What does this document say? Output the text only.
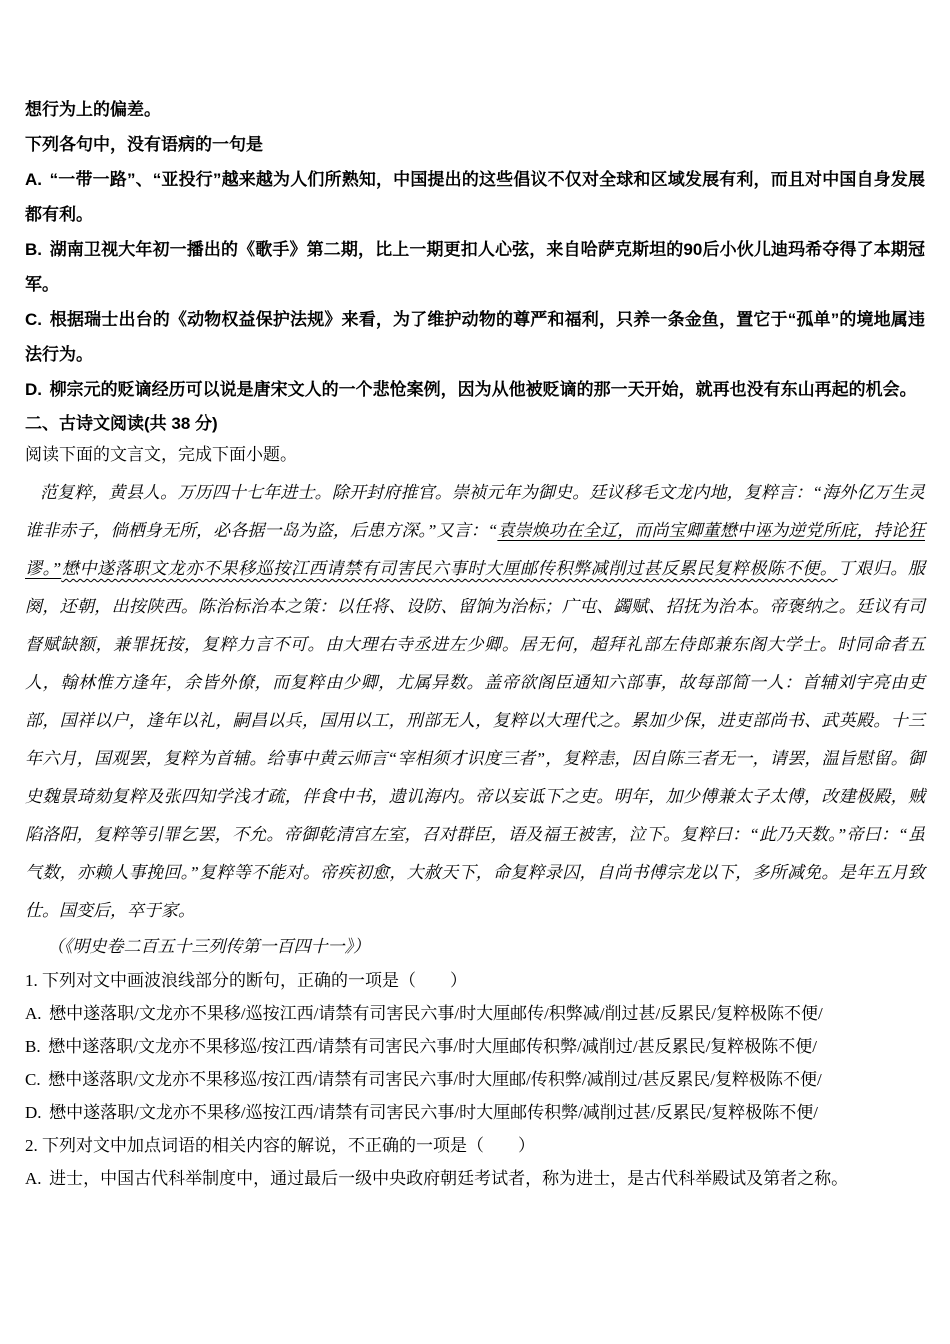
想行为上的偏差。

下列各句中，没有语病的一句是

A. “一带一路”、“亚投行”越来越为人们所熟知，中国提出的这些倡议不仅对全球和区域发展有利，而且对中国自身发展都有利。

B. 湖南卫视大年初一播出的《歌手》第二期，比上一期更扣人心弦，来自哈萨克斯坦的90后小伙儿迪玛希夺得了本期冠军。

C. 根据瑞士出台的《动物权益保护法规》来看，为了维护动物的尊严和福利，只养一条金鱼，置它于“孤单”的境地属违法行为。

D. 柳宗元的贬谪经历可以说是唐宋文人的一个悲怆案例，因为从他被贬谪的那一天开始，就再也没有东山再起的机会。

二、古诗文阅读(共 38 分)

阅读下面的文言文，完成下面小题。

范复粹，黄县人。万历四十七年进士。除开封府推官。崇祯元年为御史。廷议移毛文龙内地，复粹言：“海外亿万生灵谁非赤子，倘栖身无所，必各据一岛为盗，后患方深。”又言：“袁崇焕功在全辽，而尚宝卿董懋中诬为逆党所庇，持论狂谬。”懋中遂落职文龙亦不果移巡按江西请禁有司害民六事时大厘邮传积弊减削过甚反累民复粹极陈不便。丁艰归。服阕，还朝，出按陕西。陈治标治本之策：以任将、设防、留饷为治标；广屯、蠲赋、招抚为治本。帝褒纳之。廷议有司督赋缺额，兼罪抚按，复粹力言不可。由大理右寺丞进左少卿。居无何，超拜礼部左侍郎兼东阁大学士。时同命者五人，翰林惟方逢年，余皆外僚，而复粹由少卿，尤属异数。盖帝欲阁臣通知六部事，故每部简一人：首辅刘宇亮由吏部，国祥以户，逢年以礼，嗣昌以兵，国用以工，刑部无人，复粹以大理代之。累加少保，进吏部尚书、武英殿。十三年六月，国观罢，复粹为首辅。给事中黄云师言“宰相须才识度三者”，复粹恚，因自陈三者无一，请罢，温旨慰留。御史魏景琦劾复粹及张四知学浅才疏，伴食中书，遗讥海内。帝以妄诋下之吏。明年，加少傅兼太子太傅，改建极殿，贼陷洛阳，复粹等引罪乞罢，不允。帝御乾清宫左室，召对群臣，语及福王被害，泣下。复粹曰：“此乃天数。”帝曰：“虽气数，亦赖人事挽回。”复粹等不能对。帝疾初愈，大赦天下，命复粹录囚，自尚书傅宗龙以下，多所减免。是年五月致仕。国变后，卒于家。

（《明史卷二百五十三列传第一百四十一》）

1. 下列对文中画波浪线部分的断句，正确的一项是（　　）

A. 懋中遂落职/文龙亦不果移/巡按江西/请禁有司害民六事/时大厘邮传/积弊减/削过甚/反累民/复粹极陈不便/

B. 懋中遂落职/文龙亦不果移巡/按江西/请禁有司害民六事/时大厘邮传积弊/减削过/甚反累民/复粹极陈不便/

C. 懋中遂落职/文龙亦不果移巡/按江西/请禁有司害民六事/时大厘邮/传积弊/减削过/甚反累民/复粹极陈不便/

D. 懋中遂落职/文龙亦不果移/巡按江西/请禁有司害民六事/时大厘邮传积弊/减削过甚/反累民/复粹极陈不便/

2. 下列对文中加点词语的相关内容的解说，不正确的一项是（　　）

A. 进士，中国古代科举制度中，通过最后一级中央政府朝廷考试者，称为进士，是古代科举殿试及第者之称。
